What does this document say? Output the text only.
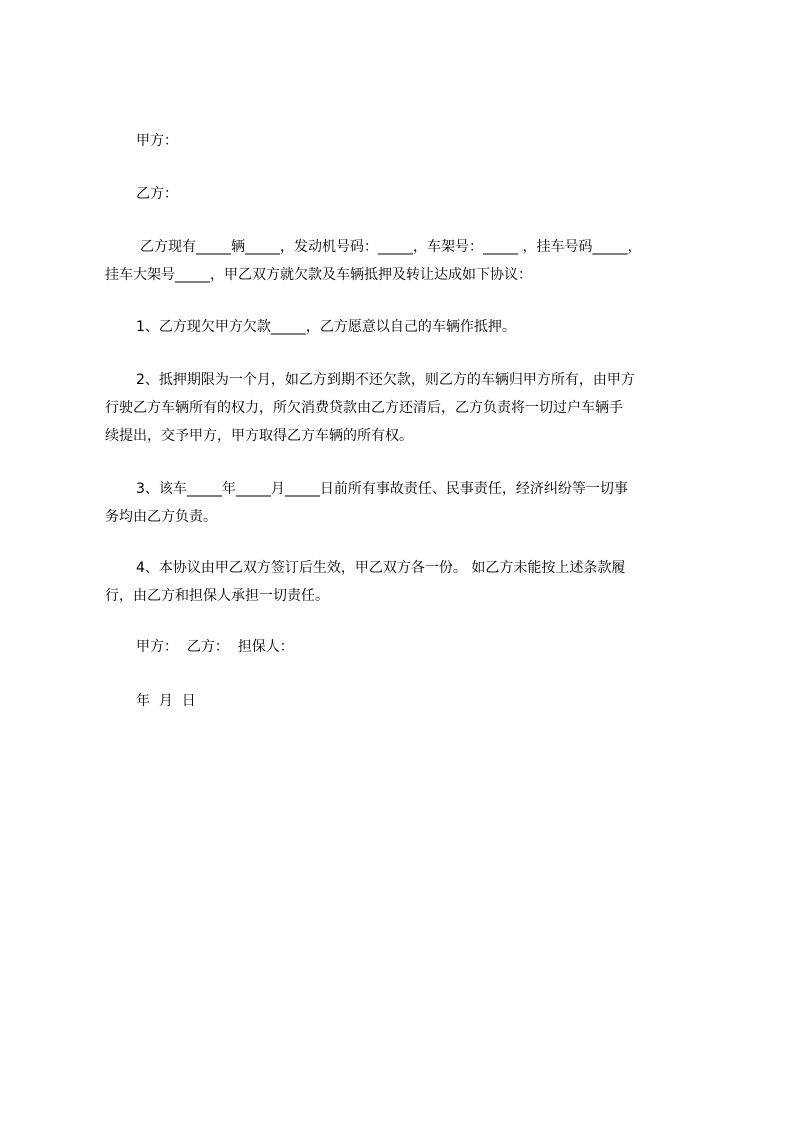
甲方：
乙方：
乙方现有_____辆_____，发动机号码：_____，车架号：_____ ，挂车号码_____，
挂车大架号_____，甲乙双方就欠款及车辆抵押及转让达成如下协议：
1、乙方现欠甲方欠款_____，乙方愿意以自己的车辆作抵押。
2、抵押期限为一个月，如乙方到期不还欠款，则乙方的车辆归甲方所有，由甲方
行驶乙方车辆所有的权力，所欠消费贷款由乙方还清后，乙方负责将一切过户车辆手
续提出，交予甲方，甲方取得乙方车辆的所有权。
3、该车_____年_____月_____日前所有事故责任、民事责任，经济纠纷等一切事
务均由乙方负责。
4、本协议由甲乙双方签订后生效，甲乙双方各一份。 如乙方未能按上述条款履
行，由乙方和担保人承担一切责任。
甲方：  乙方：  担保人：
年  月  日
